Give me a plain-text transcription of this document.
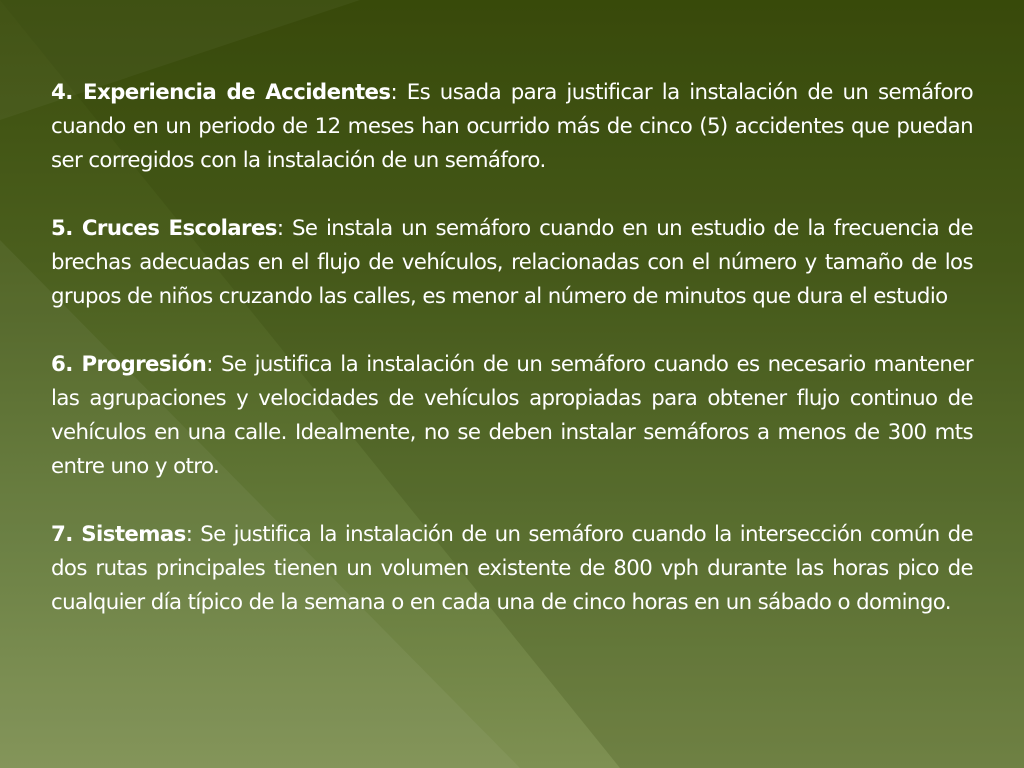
4. Experiencia de Accidentes: Es usada para justificar la instalación de un semáforo cuando en un periodo de 12 meses han ocurrido más de cinco (5) accidentes que puedan ser corregidos con la instalación de un semáforo.

5. Cruces Escolares: Se instala un semáforo cuando en un estudio de la frecuencia de brechas adecuadas en el flujo de vehículos, relacionadas con el número y tamaño de los grupos de niños cruzando las calles, es menor al número de minutos que dura el estudio

6. Progresión: Se justifica la instalación de un semáforo cuando es necesario mantener las agrupaciones y velocidades de vehículos apropiadas para obtener flujo continuo de vehículos en una calle. Idealmente, no se deben instalar semáforos a menos de 300 mts entre uno y otro.

7. Sistemas: Se justifica la instalación de un semáforo cuando la intersección común de dos rutas principales tienen un volumen existente de 800 vph durante las horas pico de cualquier día típico de la semana o en cada una de cinco horas en un sábado o domingo.
